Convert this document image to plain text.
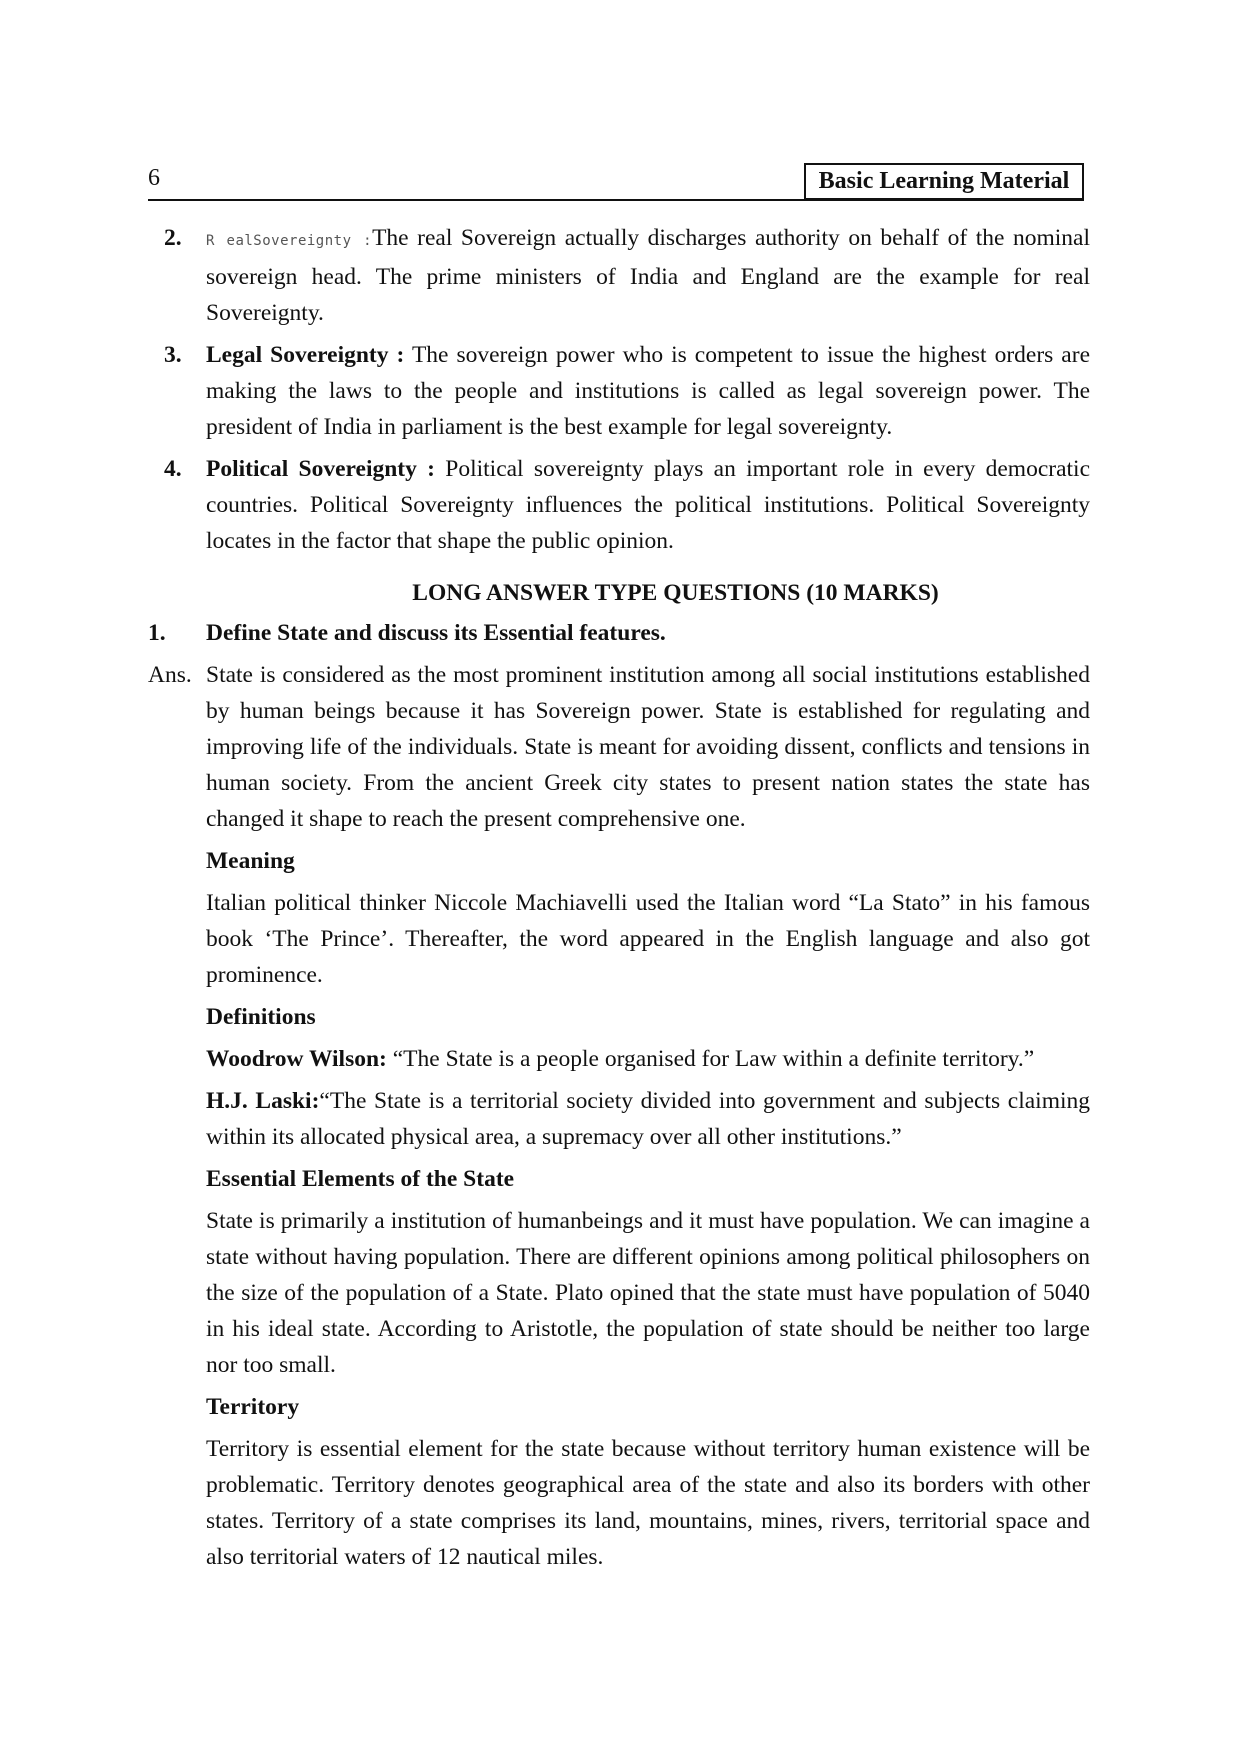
6	Basic Learning Material
2. R ealSovereignty :The real Sovereign actually discharges authority on behalf of the nominal sovereign head. The prime ministers of India and England are the example for real Sovereignty.
3. Legal Sovereignty : The sovereign power who is competent to issue the highest orders are making the laws to the people and institutions is called as legal sovereign power. The president of India in parliament is the best example for legal sovereignty.
4. Political Sovereignty : Political sovereignty plays an important role in every democratic countries. Political Sovereignty influences the political institutions. Political Sovereignty locates in the factor that shape the public opinion.
LONG ANSWER TYPE QUESTIONS (10 MARKS)
1. Define State and discuss its Essential features.
Ans. State is considered as the most prominent institution among all social institutions established by human beings because it has Sovereign power. State is established for regulating and improving life of the individuals. State is meant for avoiding dissent, conflicts and tensions in human society. From the ancient Greek city states to present nation states the state has changed it shape to reach the present comprehensive one.
Meaning
Italian political thinker Niccole Machiavelli used the Italian word “La Stato” in his famous book ‘The Prince’. Thereafter, the word appeared in the English language and also got prominence.
Definitions
Woodrow Wilson: “The State is a people organised for Law within a definite territory.”
H.J. Laski:“The State is a territorial society divided into government and subjects claiming within its allocated physical area, a supremacy over all other institutions.”
Essential Elements of the State
State is primarily a institution of humanbeings and it must have population. We can imagine a state without having population. There are different opinions among political philosophers on the size of the population of a State. Plato opined that the state must have population of 5040 in his ideal state. According to Aristotle, the population of state should be neither too large nor too small.
Territory
Territory is essential element for the state because without territory human existence will be problematic. Territory denotes geographical area of the state and also its borders with other states. Territory of a state comprises its land, mountains, mines, rivers, territorial space and also territorial waters of 12 nautical miles.
